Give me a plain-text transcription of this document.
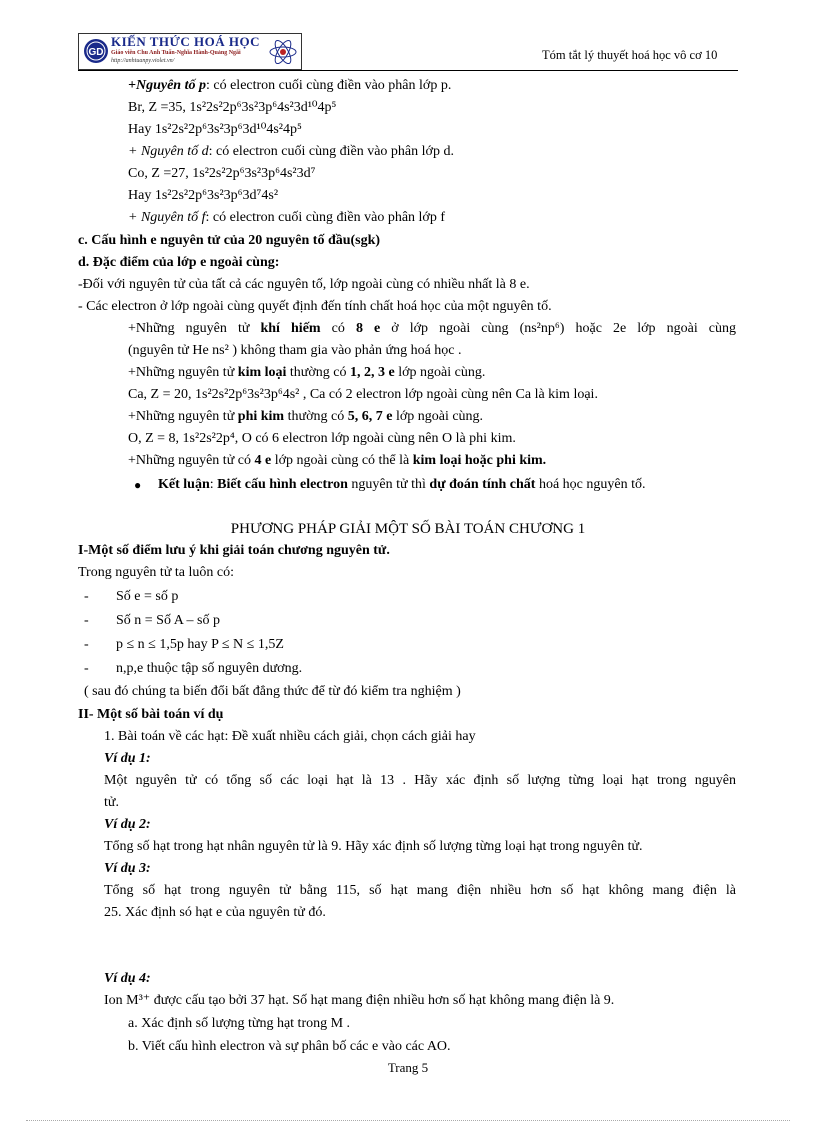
GD
KIẾN THỨC HOÁ HỌC
Giáo viên Chu Anh Tuấn-Nghĩa Hành-Quảng Ngãi
http://anhtuanpy.violet.vn/	Tóm tắt lý thuyết hoá học vô cơ 10
+Nguyên tố p: có electron cuối cùng điền vào phân lớp p.
Br, Z =35, 1s²2s²2p⁶3s²3p⁶4s²3d¹⁰4p⁵
Hay 1s²2s²2p⁶3s²3p⁶3d¹⁰4s²4p⁵
+ Nguyên tố d: có electron cuối cùng điền vào phân lớp d.
Co, Z =27, 1s²2s²2p⁶3s²3p⁶4s²3d⁷
Hay 1s²2s²2p⁶3s²3p⁶3d⁷4s²
+ Nguyên tố f: có electron cuối cùng điền vào phân lớp f
c. Cấu hình e nguyên tử của 20 nguyên tố đầu(sgk)
d. Đặc điểm của lớp e ngoài cùng:
-Đối với nguyên tử của tất cả các nguyên tố, lớp ngoài cùng có nhiều nhất là 8 e.
- Các electron ở lớp ngoài cùng quyết định đến tính chất hoá học của một nguyên tố.
+Những nguyên tử khí hiếm có 8 e ở lớp ngoài cùng (ns²np⁶) hoặc 2e lớp ngoài cùng
(nguyên tử He ns² ) không tham gia vào phản ứng hoá học .
+Những nguyên tử kim loại thường có 1, 2, 3 e lớp ngoài cùng.
Ca, Z = 20, 1s²2s²2p⁶3s²3p⁶4s² , Ca có 2 electron lớp ngoài cùng nên Ca là kim loại.
+Những nguyên tử phi kim thường có 5, 6, 7 e lớp ngoài cùng.
O, Z = 8, 1s²2s²2p⁴, O có 6 electron lớp ngoài cùng nên O là phi kim.
+Những nguyên tử có 4 e lớp ngoài cùng có thể là kim loại hoặc phi kim.
● Kết luận: Biết cấu hình electron nguyên tử thì dự đoán tính chất hoá học nguyên tố.
PHƯƠNG PHÁP GIẢI MỘT SỐ BÀI TOÁN CHƯƠNG 1
I-Một số điểm lưu ý khi giải toán chương nguyên tử.
Trong nguyên tử ta luôn có:
- Số e = số p
- Số n = Số A – số p
- p ≤ n ≤ 1,5p hay P ≤ N ≤ 1,5Z
- n,p,e thuộc tập số nguyên dương.
( sau đó chúng ta biến đổi bất đẳng thức để từ đó kiểm tra nghiệm )
II- Một số bài toán ví dụ
1. Bài toán về các hạt: Đề xuất nhiều cách giải, chọn cách giải hay
Ví dụ 1:
Một nguyên tử có tổng số các loại hạt là 13 . Hãy xác định số lượng từng loại hạt trong nguyên
tử.
Ví dụ 2:
Tổng số hạt trong hạt nhân nguyên tử là 9. Hãy xác định số lượng từng loại hạt trong nguyên tử.
Ví dụ 3:
Tổng số hạt trong nguyên tử bằng 115, số hạt mang điện nhiều hơn số hạt không mang điện là
25. Xác định só hạt e của nguyên tử đó.
Ví dụ 4:
Ion M³⁺ được cấu tạo bởi 37 hạt. Số hạt mang điện nhiều hơn số hạt không mang điện là 9.
a. Xác định số lượng từng hạt trong M .
b. Viết cấu hình electron và sự phân bố các e vào các AO.
Trang 5
